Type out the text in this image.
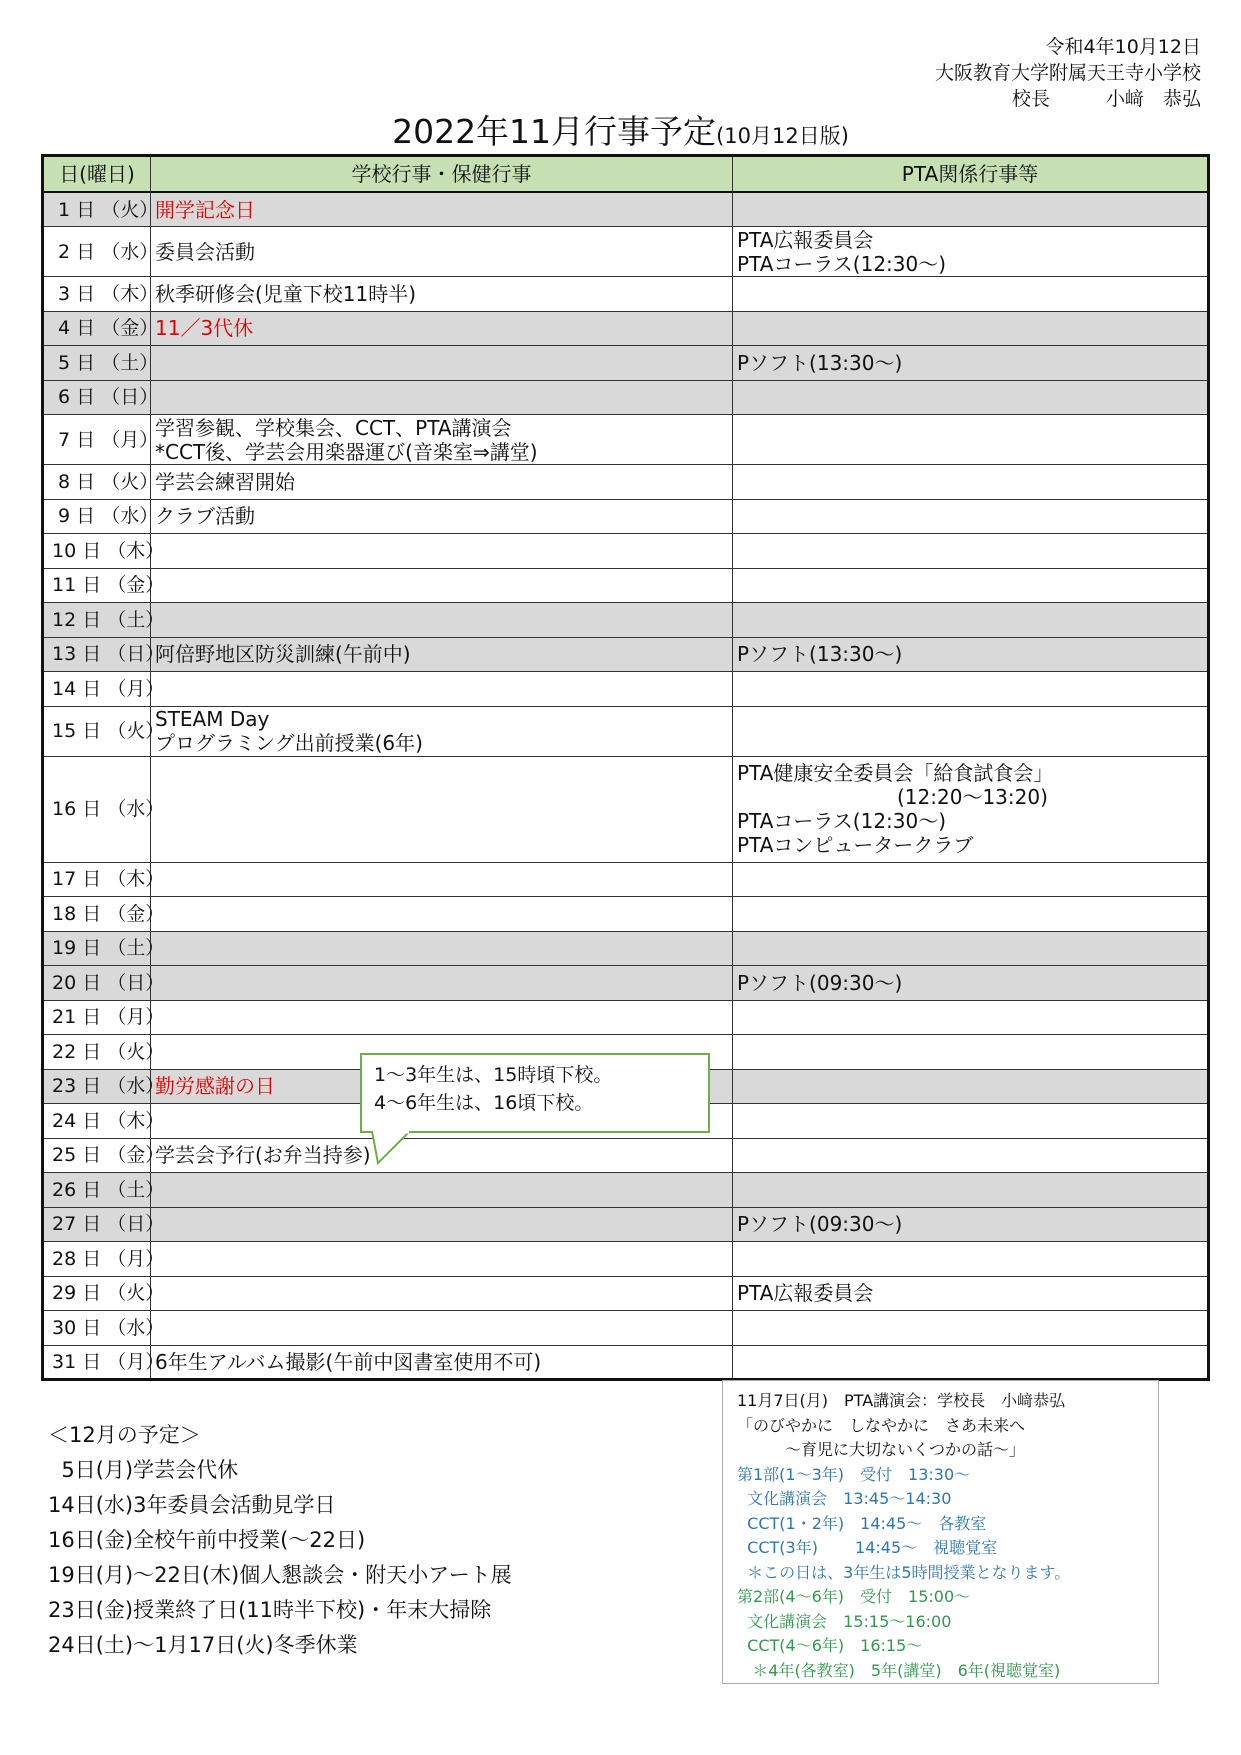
令和4年10月12日
大阪教育大学附属天王寺小学校
校長	小﨑　恭弘
2022年11月行事予定(10月12日版)
日(曜日)	学校行事・保健行事	PTA関係行事等
1 日 （火）	開学記念日	

2 日 （水）	委員会活動	PTA広報委員会
PTAコーラス(12:30～)

3 日 （木）	秋季研修会(児童下校11時半)	

4 日 （金）	11／3代休	

5 日 （土）		Pソフト(13:30～)

6 日 （日）	

7 日 （月）	学習参観、学校集会、CCT、PTA講演会
*CCT後、学芸会用楽器運び(音楽室⇒講堂)	

8 日 （火）	学芸会練習開始	

9 日 （水）	クラブ活動	

10 日 （木）	

11 日 （金）	

12 日 （土）	

13 日 （日）	阿倍野地区防災訓練(午前中)	Pソフト(13:30～)

14 日 （月）	

15 日 （火）	STEAM Day
プログラミング出前授業(6年)	

16 日 （水）		PTA健康安全委員会「給食試食会」
　　　　　　　　(12:20～13:20)
PTAコーラス(12:30～)
PTAコンピュータークラブ

17 日 （木）	

18 日 （金）	

19 日 （土）	

20 日 （日）		Pソフト(09:30～)

21 日 （月）	

22 日 （火）	

23 日 （水）	勤労感謝の日	

24 日 （木）	

25 日 （金）	学芸会予行(お弁当持参)	

26 日 （土）	

27 日 （日）		Pソフト(09:30～)

28 日 （月）	

29 日 （火）		PTA広報委員会

30 日 （水）	

31 日 （月）	6年生アルバム撮影(午前中図書室使用不可)	

1～3年生は、15時頃下校。
4～6年生は、16頃下校。
＜12月の予定＞
5日(月)学芸会代休
14日(水)3年委員会活動見学日
16日(金)全校午前中授業(～22日)
19日(月)～22日(木)個人懇談会・附天小アート展
23日(金)授業終了日(11時半下校)・年末大掃除
24日(土)～1月17日(火)冬季休業
11月7日(月)　PTA講演会：学校長　小﨑恭弘
「のびやかに　しなやかに　さあ未来へ
　　　～育児に大切ないくつかの話～」
第1部(1～3年)　受付　13:30～
文化講演会　13:45～14:30
CCT(1・2年)　14:45～　各教室
CCT(3年)　　 14:45～　視聴覚室
＊この日は、3年生は5時間授業となります。
第2部(4～6年)　受付　15:00～
文化講演会　15:15～16:00
CCT(4～6年)　16:15～
＊4年(各教室)　5年(講堂)　6年(視聴覚室)
